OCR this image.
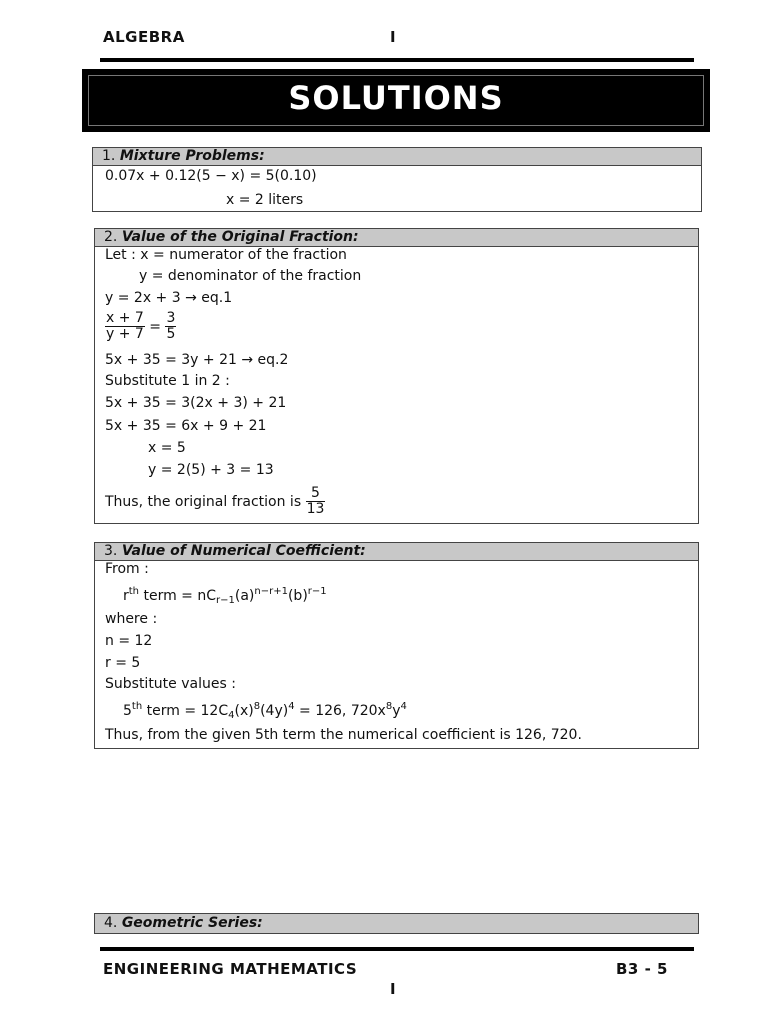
ALGEBRA	I
SOLUTIONS
1. Mixture Problems:
0.07x + 0.12(5 − x) = 5(0.10)
x = 2 liters
2. Value of the Original Fraction:
Let : x = numerator of the fraction
y = denominator of the fraction
y = 2x + 3 → eq.1
$\frac{x + 7}{y + 7} = \frac{3}{5}$
5x + 35 = 3y + 21 → eq.2
Substitute 1 in 2 :
5x + 35 = 3(2x + 3) + 21
5x + 35 = 6x + 9 + 21
x = 5
y = 2(5) + 3 = 13
Thus, the original fraction is $\frac{5}{13}$
3. Value of Numerical Coefficient:
From :
$r^{th}$ term = $nC_{r-1}(a)^{n-r+1}(b)^{r-1}$
where :
n = 12
r = 5
Substitute values :
5th term = $12C_4(x)^8(4y)^4 = 126$, $720x^8y^4$
Thus, from the given 5th term the numerical coefficient is 126, 720.
4. Geometric Series:
ENGINEERING MATHEMATICS	B3 - 5
I
